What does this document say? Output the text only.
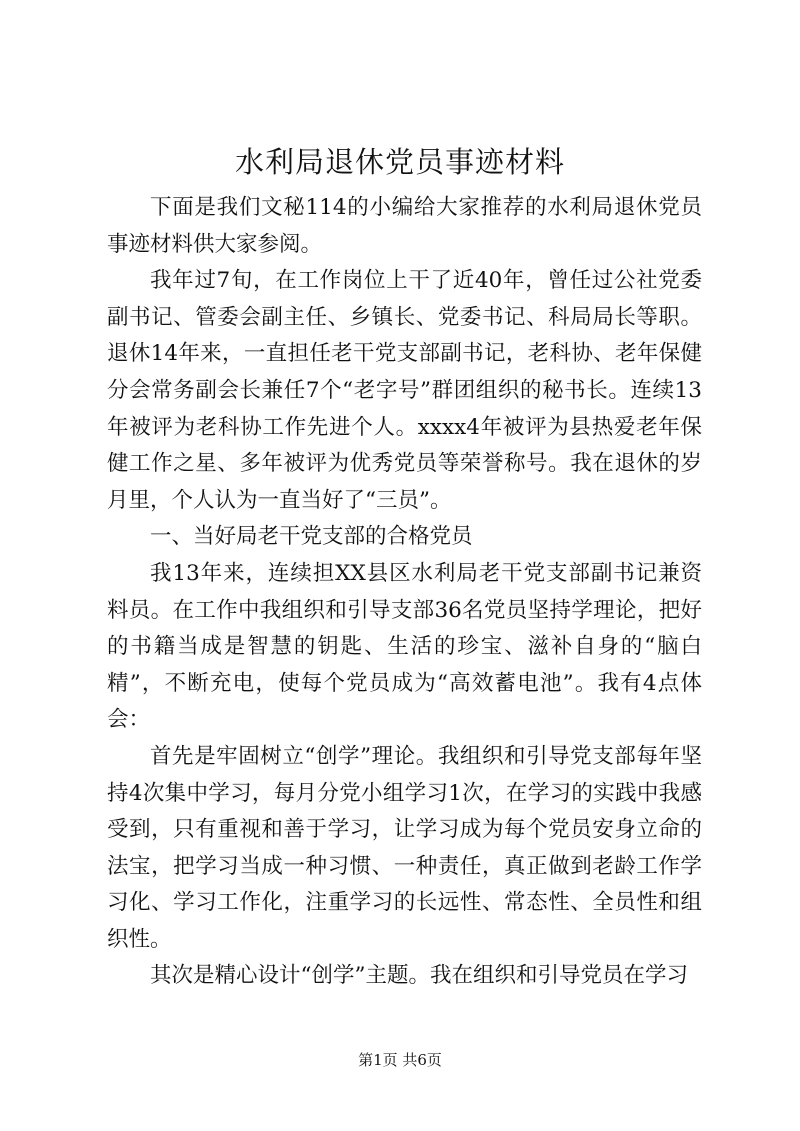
水利局退休党员事迹材料

下面是我们文秘114的小编给大家推荐的水利局退休党员事迹材料供大家参阅。

我年过7旬，在工作岗位上干了近40年，曾任过公社党委副书记、管委会副主任、乡镇长、党委书记、科局局长等职。退休14年来，一直担任老干党支部副书记，老科协、老年保健分会常务副会长兼任7个“老字号”群团组织的秘书长。连续13年被评为老科协工作先进个人。xxxx4年被评为县热爱老年保健工作之星、多年被评为优秀党员等荣誉称号。我在退休的岁月里，个人认为一直当好了“三员”。

一、当好局老干党支部的合格党员

我13年来，连续担XX县区水利局老干党支部副书记兼资料员。在工作中我组织和引导支部36名党员坚持学理论，把好的书籍当成是智慧的钥匙、生活的珍宝、滋补自身的“脑白精”，不断充电，使每个党员成为“高效蓄电池”。我有4点体会：

首先是牢固树立“创学”理论。我组织和引导党支部每年坚持4次集中学习，每月分党小组学习1次，在学习的实践中我感受到，只有重视和善于学习，让学习成为每个党员安身立命的法宝，把学习当成一种习惯、一种责任，真正做到老龄工作学习化、学习工作化，注重学习的长远性、常态性、全员性和组织性。

其次是精心设计“创学”主题。我在组织和引导党员在学习

第1页 共6页
